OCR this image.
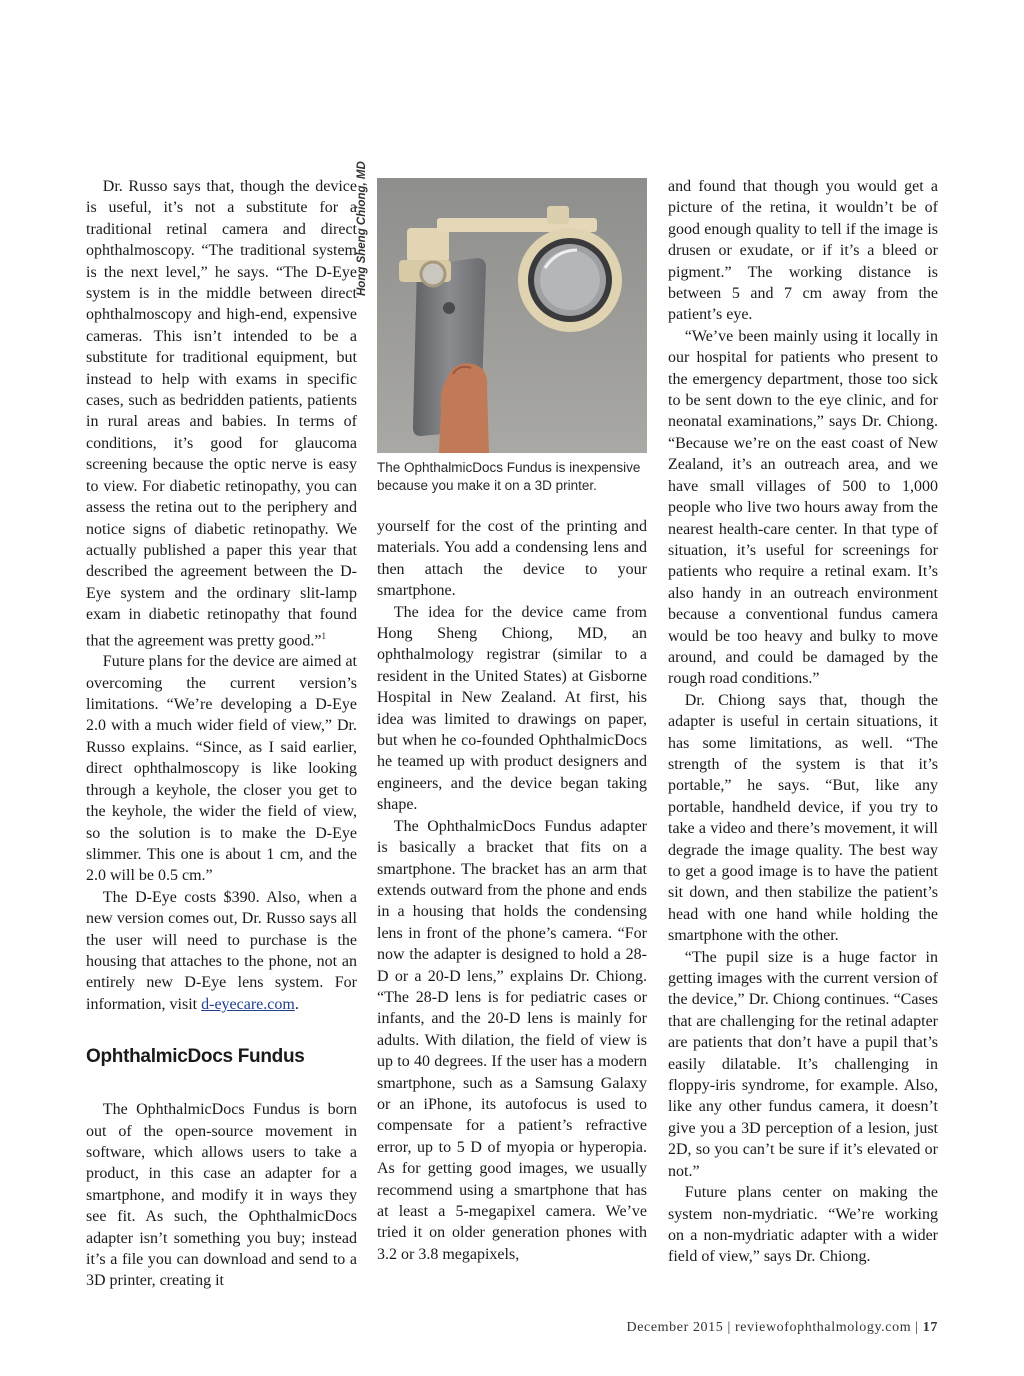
Dr. Russo says that, though the device is useful, it’s not a substitute for a traditional retinal camera and direct ophthalmoscopy. “The traditional system is the next level,” he says. “The D-Eye system is in the middle between direct ophthalmoscopy and high-end, expensive cameras. This isn’t intended to be a substitute for traditional equipment, but instead to help with exams in specific cases, such as bedridden patients, patients in rural areas and babies. In terms of conditions, it’s good for glaucoma screening because the optic nerve is easy to view. For diabetic retinopathy, you can assess the retina out to the periphery and notice signs of diabetic retinopathy. We actually published a paper this year that described the agreement between the D-Eye system and the ordinary slit-lamp exam in diabetic retinopathy that found that the agreement was pretty good.”$^1$

Future plans for the device are aimed at overcoming the current version’s limitations. “We’re developing a D-Eye 2.0 with a much wider field of view,” Dr. Russo explains. “Since, as I said earlier, direct ophthalmoscopy is like looking through a keyhole, the closer you get to the keyhole, the wider the field of view, so the solution is to make the D-Eye slimmer. This one is about 1 cm, and the 2.0 will be 0.5 cm.”

The D-Eye costs $390. Also, when a new version comes out, Dr. Russo says all the user will need to purchase is the housing that attaches to the phone, not an entirely new D-Eye lens system. For information, visit d-eyecare.com.

OphthalmicDocs Fundus

The OphthalmicDocs Fundus is born out of the open-source movement in software, which allows users to take a product, in this case an adapter for a smartphone, and modify it in ways they see fit. As such, the OphthalmicDocs adapter isn’t something you buy; instead it’s a file you can download and send to a 3D printer, creating it

Hong Sheng Chiong, MD
The OphthalmicDocs Fundus is inexpensive because you make it on a 3D printer.

yourself for the cost of the printing and materials. You add a condensing lens and then attach the device to your smartphone.

The idea for the device came from Hong Sheng Chiong, MD, an ophthalmology registrar (similar to a resident in the United States) at Gisborne Hospital in New Zealand. At first, his idea was limited to drawings on paper, but when he co-founded OphthalmicDocs he teamed up with product designers and engineers, and the device began taking shape.

The OphthalmicDocs Fundus adapter is basically a bracket that fits on a smartphone. The bracket has an arm that extends outward from the phone and ends in a housing that holds the condensing lens in front of the phone’s camera. “For now the adapter is designed to hold a 28-D or a 20-D lens,” explains Dr. Chiong. “The 28-D lens is for pediatric cases or infants, and the 20-D lens is mainly for adults. With dilation, the field of view is up to 40 degrees. If the user has a modern smartphone, such as a Samsung Galaxy or an iPhone, its autofocus is used to compensate for a patient’s refractive error, up to 5 D of myopia or hyperopia. As for getting good images, we usually recommend using a smartphone that has at least a 5-megapixel camera. We’ve tried it on older generation phones with 3.2 or 3.8 megapixels,

and found that though you would get a picture of the retina, it wouldn’t be of good enough quality to tell if the image is drusen or exudate, or if it’s a bleed or pigment.” The working distance is between 5 and 7 cm away from the patient’s eye.

“We’ve been mainly using it locally in our hospital for patients who present to the emergency department, those too sick to be sent down to the eye clinic, and for neonatal examinations,” says Dr. Chiong. “Because we’re on the east coast of New Zealand, it’s an outreach area, and we have small villages of 500 to 1,000 people who live two hours away from the nearest health-care center. In that type of situation, it’s useful for screenings for patients who require a retinal exam. It’s also handy in an outreach environment because a conventional fundus camera would be too heavy and bulky to move around, and could be damaged by the rough road conditions.”

Dr. Chiong says that, though the adapter is useful in certain situations, it has some limitations, as well. “The strength of the system is that it’s portable,” he says. “But, like any portable, handheld device, if you try to take a video and there’s movement, it will degrade the image quality. The best way to get a good image is to have the patient sit down, and then stabilize the patient’s head with one hand while holding the smartphone with the other.

“The pupil size is a huge factor in getting images with the current version of the device,” Dr. Chiong continues. “Cases that are challenging for the retinal adapter are patients that don’t have a pupil that’s easily dilatable. It’s challenging in floppy-iris syndrome, for example. Also, like any other fundus camera, it doesn’t give you a 3D perception of a lesion, just 2D, so you can’t be sure if it’s elevated or not.”

Future plans center on making the system non-mydriatic. “We’re working on a non-mydriatic adapter with a wider field of view,” says Dr. Chiong.

December 2015 | reviewofophthalmology.com | 17
